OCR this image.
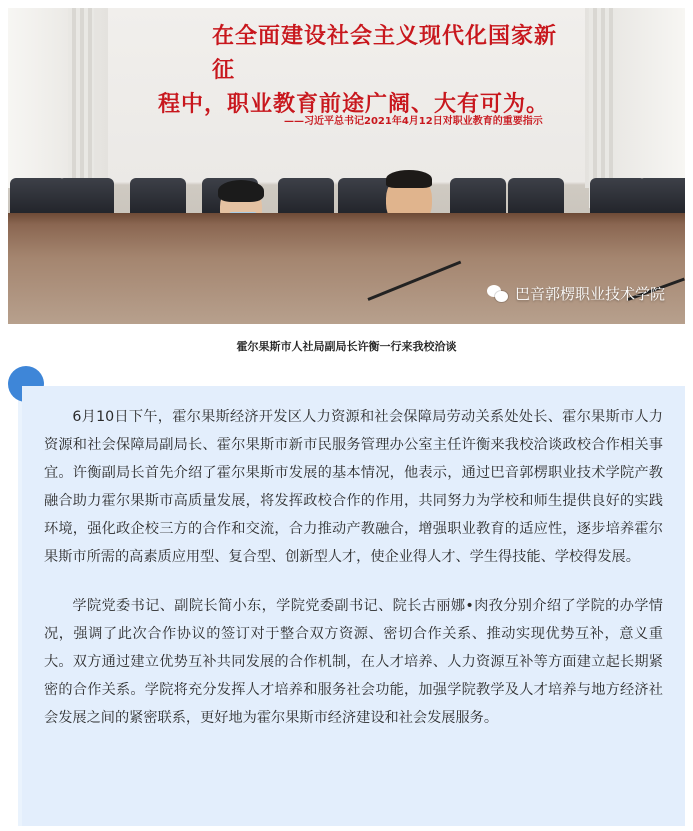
在全面建设社会主义现代化国家新征
程中，职业教育前途广阔、大有可为。
——习近平总书记2021年4月12日对职业教育的重要指示
巴音郭楞职业技术学院
霍尔果斯市人社局副局长许衡一行来我校洽谈

6月10日下午，霍尔果斯经济开发区人力资源和社会保障局劳动关系处处长、霍尔果斯市人力资源和社会保障局副局长、霍尔果斯市新市民服务管理办公室主任许衡来我校洽谈政校合作相关事宜。许衡副局长首先介绍了霍尔果斯市发展的基本情况，他表示，通过巴音郭楞职业技术学院产教融合助力霍尔果斯市高质量发展，将发挥政校合作的作用，共同努力为学校和师生提供良好的实践环境，强化政企校三方的合作和交流，合力推动产教融合，增强职业教育的适应性，逐步培养霍尔果斯市所需的高素质应用型、复合型、创新型人才，使企业得人才、学生得技能、学校得发展。

学院党委书记、副院长简小东，学院党委副书记、院长古丽娜•肉孜分别介绍了学院的办学情况，强调了此次合作协议的签订对于整合双方资源、密切合作关系、推动实现优势互补，意义重大。双方通过建立优势互补共同发展的合作机制，在人才培养、人力资源互补等方面建立起长期紧密的合作关系。学院将充分发挥人才培养和服务社会功能，加强学院教学及人才培养与地方经济社会发展之间的紧密联系，更好地为霍尔果斯市经济建设和社会发展服务。
